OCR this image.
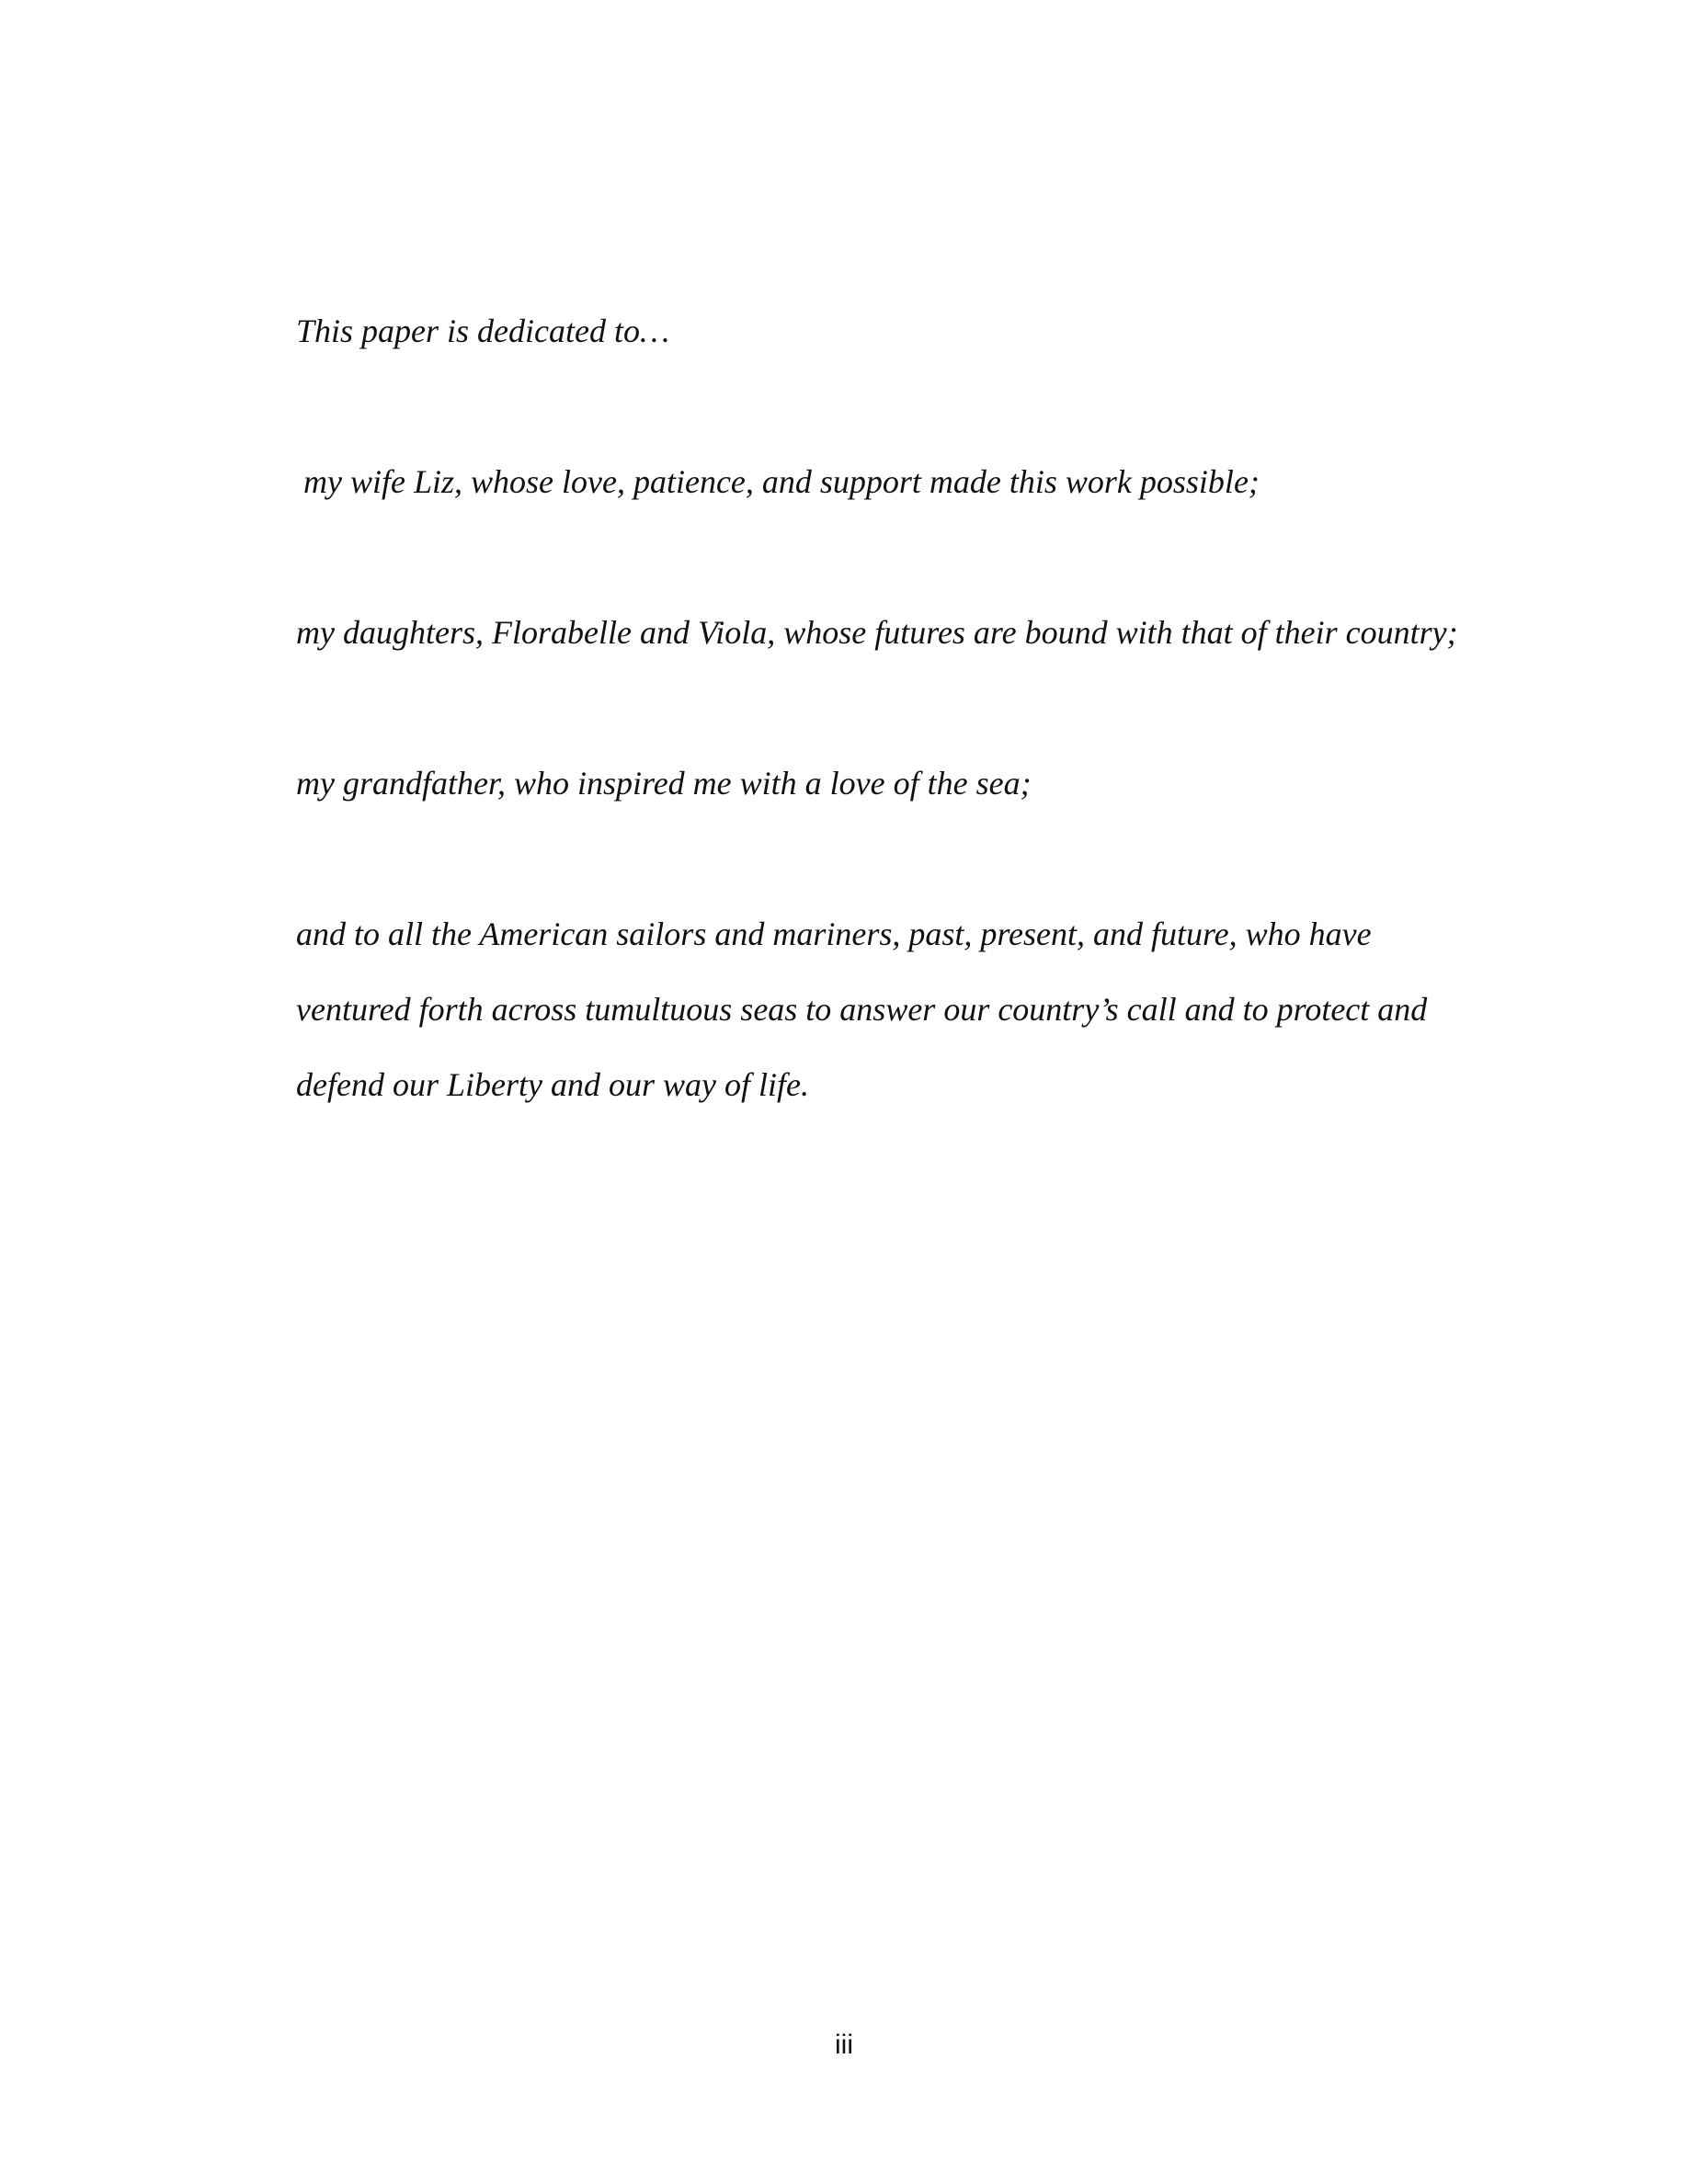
This paper is dedicated to…

my wife Liz, whose love, patience, and support made this work possible;

my daughters, Florabelle and Viola, whose futures are bound with that of their country;

my grandfather, who inspired me with a love of the sea;

and to all the American sailors and mariners, past, present, and future, who have

ventured forth across tumultuous seas to answer our country’s call and to protect and

defend our Liberty and our way of life.

iii
